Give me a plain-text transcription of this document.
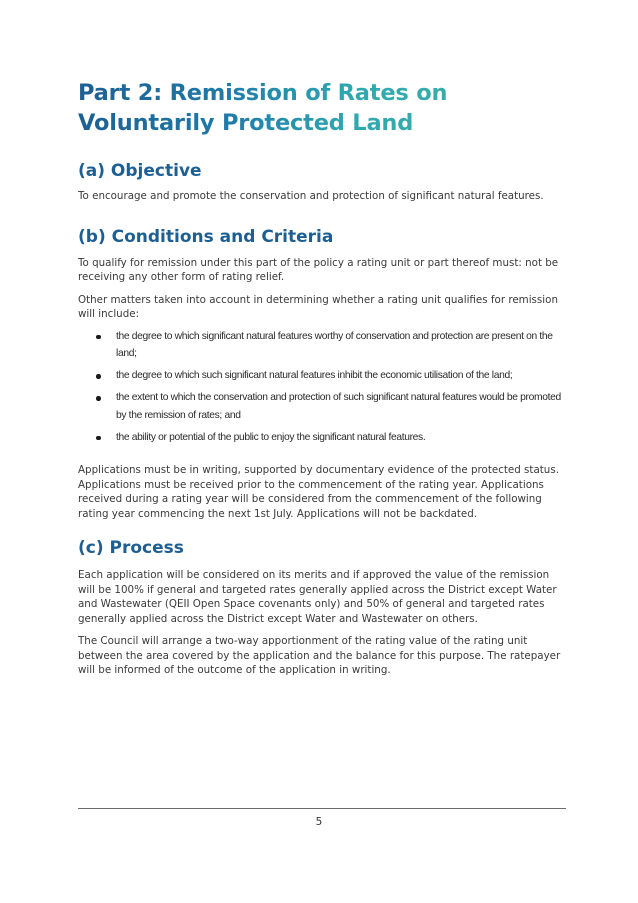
Part 2: Remission of Rates on Voluntarily Protected Land
(a) Objective

To encourage and promote the conservation and protection of significant natural features.

(b) Conditions and Criteria

To qualify for remission under this part of the policy a rating unit or part thereof must: not be receiving any other form of rating relief.

Other matters taken into account in determining whether a rating unit qualifies for remission will include:

the degree to which significant natural features worthy of conservation and protection are present on the land;
the degree to which such significant natural features inhibit the economic utilisation of the land;
the extent to which the conservation and protection of such significant natural features would be promoted by the remission of rates; and
the ability or potential of the public to enjoy the significant natural features.

Applications must be in writing, supported by documentary evidence of the protected status. Applications must be received prior to the commencement of the rating year. Applications received during a rating year will be considered from the commencement of the following rating year commencing the next 1st July. Applications will not be backdated.

(c) Process

Each application will be considered on its merits and if approved the value of the remission will be 100% if general and targeted rates generally applied across the District except Water and Wastewater (QEII Open Space covenants only) and 50% of general and targeted rates generally applied across the District except Water and Wastewater on others.

The Council will arrange a two-way apportionment of the rating value of the rating unit between the area covered by the application and the balance for this purpose. The ratepayer will be informed of the outcome of the application in writing.

5
